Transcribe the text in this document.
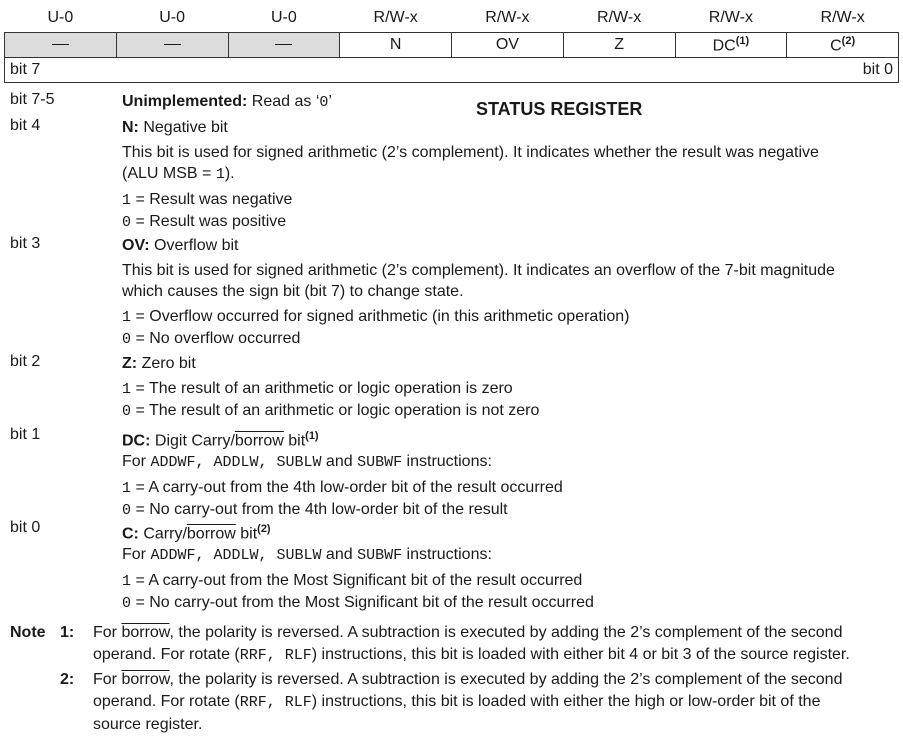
U-0	U-0	U-0	R/W-x	R/W-x	R/W-x	R/W-x	R/W-x
			N	OV	Z	DC$^{(1)}$	$C^{(2)}$

bit 7 bit 0							
STATUS REGISTER
bit 7-5	Unimplemented: Read as ‘0’
bit 4	N: Negative bit
This bit is used for signed arithmetic (2’s complement). It indicates whether the result was negative
(ALU MSB = 1).
1 = Result was negative
0 = Result was positive
bit 3	OV: Overflow bit
This bit is used for signed arithmetic (2’s complement). It indicates an overflow of the 7-bit magnitude
which causes the sign bit (bit 7) to change state.
1 = Overflow occurred for signed arithmetic (in this arithmetic operation)
0 = No overflow occurred
bit 2	Z: Zero bit
1 = The result of an arithmetic or logic operation is zero
0 = The result of an arithmetic or logic operation is not zero
bit 1	DC: Digit Carry/borrow bit$^{(1)}$
For ADDWF, ADDLW, SUBLW and SUBWF instructions:
1 = A carry-out from the 4th low-order bit of the result occurred
0 = No carry-out from the 4th low-order bit of the result
bit 0	C: Carry/borrow bit$^{(2)}$
For ADDWF, ADDLW, SUBLW and SUBWF instructions:
1 = A carry-out from the Most Significant bit of the result occurred
0 = No carry-out from the Most Significant bit of the result occurred
Note 1: For borrow, the polarity is reversed. A subtraction is executed by adding the 2’s complement of the second
operand. For rotate (RRF, RLF) instructions, this bit is loaded with either bit 4 or bit 3 of the source register.
2: For borrow, the polarity is reversed. A subtraction is executed by adding the 2’s complement of the second
operand. For rotate (RRF, RLF) instructions, this bit is loaded with either the high or low-order bit of the
source register.
